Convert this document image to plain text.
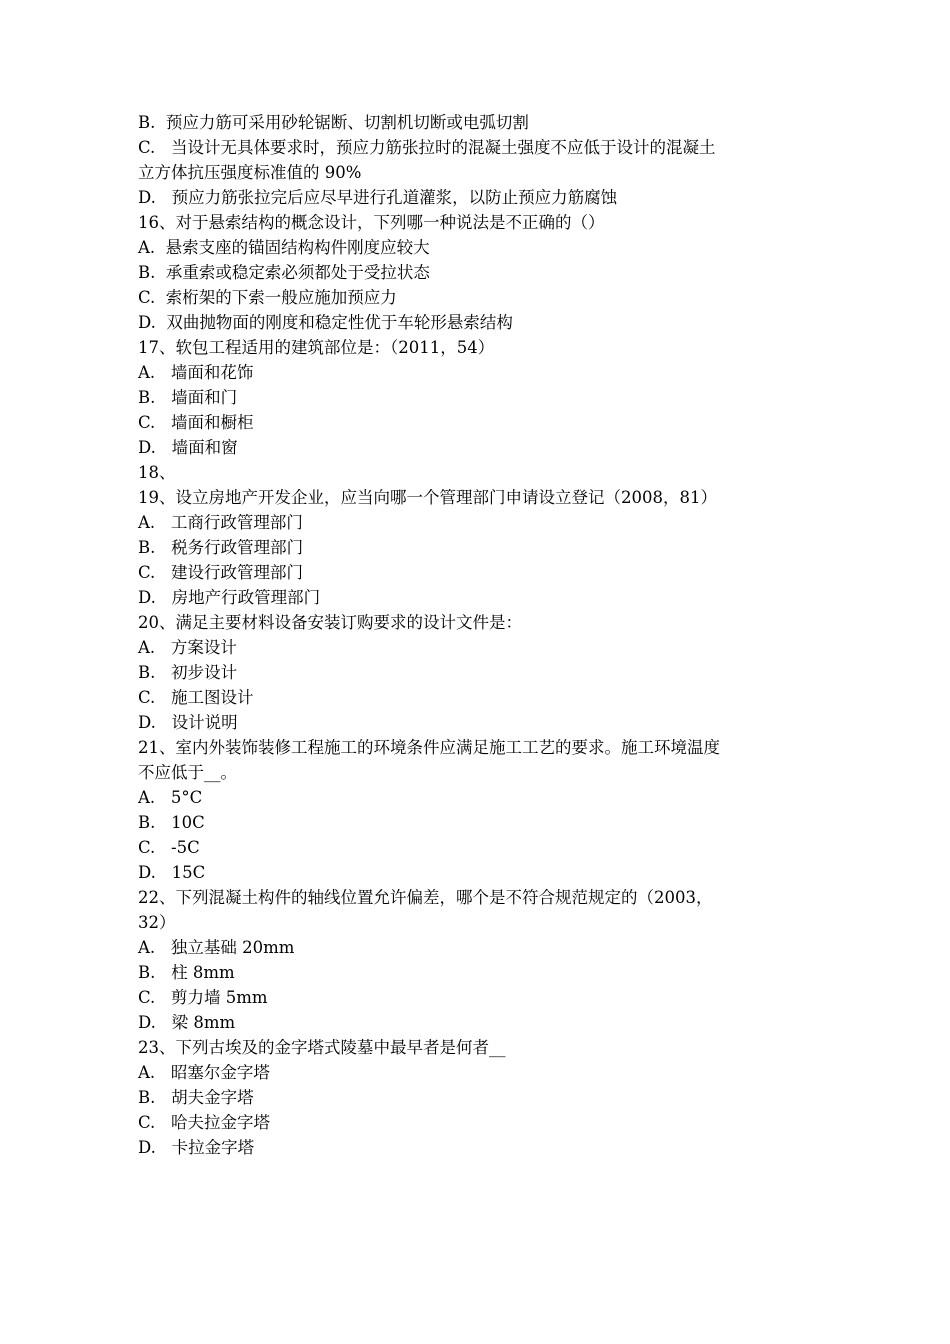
B.  预应力筋可采用砂轮锯断、切割机切断或电弧切割
C.   当设计无具体要求时，预应力筋张拉时的混凝土强度不应低于设计的混凝土
立方体抗压强度标准值的 90%
D.   预应力筋张拉完后应尽早进行孔道灌浆，以防止预应力筋腐蚀
16、对于悬索结构的概念设计，下列哪一种说法是不正确的（）
A.  悬索支座的锚固结构构件刚度应较大
B.  承重索或稳定索必须都处于受拉状态
C.  索桁架的下索一般应施加预应力
D.  双曲抛物面的刚度和稳定性优于车轮形悬索结构
17、软包工程适用的建筑部位是：（2011，54）
A.   墙面和花饰
B.   墙面和门
C.   墙面和橱柜
D.   墙面和窗
18、
19、设立房地产开发企业，应当向哪一个管理部门申请设立登记（2008，81）
A.   工商行政管理部门
B.   税务行政管理部门
C.   建设行政管理部门
D.   房地产行政管理部门
20、满足主要材料设备安装订购要求的设计文件是：
A.   方案设计
B.   初步设计
C.   施工图设计
D.   设计说明
21、室内外装饰装修工程施工的环境条件应满足施工工艺的要求。施工环境温度
不应低于__。
A.   5°C
B.   10C
C.   -5C
D.   15C
22、下列混凝土构件的轴线位置允许偏差，哪个是不符合规范规定的（2003，
32）
A.   独立基础 20mm
B.   柱 8mm
C.   剪力墙 5mm
D.   梁 8mm
23、下列古埃及的金字塔式陵墓中最早者是何者__
A.   昭塞尔金字塔
B.   胡夫金字塔
C.   哈夫拉金字塔
D.   卡拉金字塔
